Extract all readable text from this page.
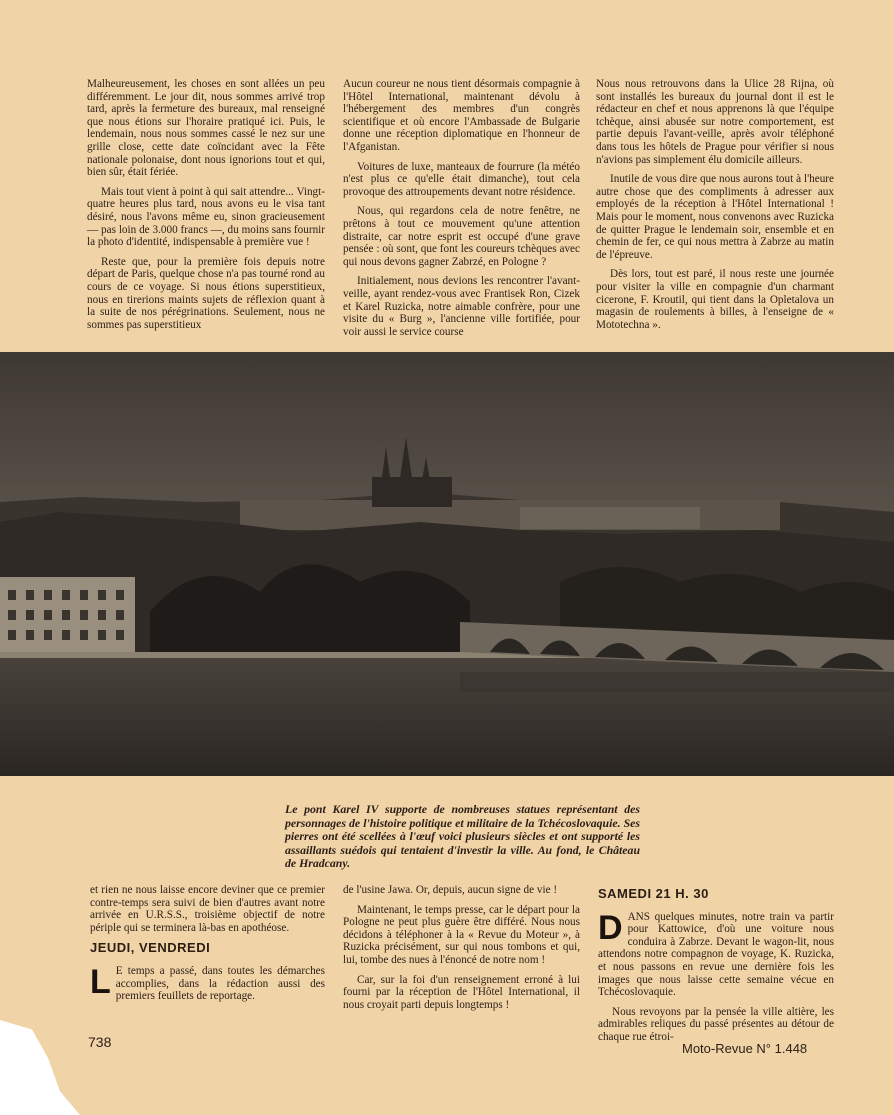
Malheureusement, les choses en sont allées un peu différemment. Le jour dit, nous sommes arrivé trop tard, après la fermeture des bureaux, mal renseigné que nous étions sur l'horaire pratiqué ici. Puis, le lendemain, nous nous sommes cassé le nez sur une grille close, cette date coïncidant avec la Fête nationale polonaise, dont nous ignorions tout et qui, bien sûr, était fériée.

Mais tout vient à point à qui sait attendre... Vingt-quatre heures plus tard, nous avons eu le visa tant désiré, nous l'avons même eu, sinon gracieusement — pas loin de 3.000 francs —, du moins sans fournir la photo d'identité, indispensable à première vue !

Reste que, pour la première fois depuis notre départ de Paris, quelque chose n'a pas tourné rond au cours de ce voyage. Si nous étions superstitieux, nous en tirerions maints sujets de réflexion quant à la suite de nos pérégrinations. Seulement, nous ne sommes pas superstitieux

Aucun coureur ne nous tient désormais compagnie à l'Hôtel International, maintenant dévolu à l'hébergement des membres d'un congrès scientifique et où encore l'Ambassade de Bulgarie donne une réception diplomatique en l'honneur de l'Afganistan.

Voitures de luxe, manteaux de fourrure (la météo n'est plus ce qu'elle était dimanche), tout cela provoque des attroupements devant notre résidence.

Nous, qui regardons cela de notre fenêtre, ne prêtons à tout ce mouvement qu'une attention distraite, car notre esprit est occupé d'une grave pensée : où sont, que font les coureurs tchèques avec qui nous devons gagner Zabrzé, en Pologne ?

Initialement, nous devions les rencontrer l'avant-veille, ayant rendez-vous avec Frantisek Ron, Cizek et Karel Ruzicka, notre aimable confrère, pour une visite du « Burg », l'ancienne ville fortifiée, pour voir aussi le service course

Nous nous retrouvons dans la Ulice 28 Rijna, où sont installés les bureaux du journal dont il est le rédacteur en chef et nous apprenons là que l'équipe tchèque, ainsi abusée sur notre comportement, est partie depuis l'avant-veille, après avoir téléphoné dans tous les hôtels de Prague pour vérifier si nous n'avions pas simplement élu domicile ailleurs.

Inutile de vous dire que nous aurons tout à l'heure autre chose que des compliments à adresser aux employés de la réception à l'Hôtel International ! Mais pour le moment, nous convenons avec Ruzicka de quitter Prague le lendemain soir, ensemble et en chemin de fer, ce qui nous mettra à Zabrze au matin de l'épreuve.

Dès lors, tout est paré, il nous reste une journée pour visiter la ville en compagnie d'un charmant cicerone, F. Kroutil, qui tient dans la Opletalova un magasin de roulements à billes, à l'enseigne de « Mototechna ».

Le pont Karel IV supporte de nombreuses statues représentant des personnages de l'histoire politique et militaire de la Tchécoslovaquie. Ses pierres ont été scellées à l'œuf voici plusieurs siècles et ont supporté les assaillants suédois qui tentaient d'investir la ville. Au fond, le Château de Hradcany.

et rien ne nous laisse encore deviner que ce premier contre-temps sera suivi de bien d'autres avant notre arrivée en U.R.S.S., troisième objectif de notre périple qui se terminera là-bas en apothéose.

JEUDI, VENDREDI

L E temps a passé, dans toutes les démarches accomplies, dans la rédaction aussi des premiers feuillets de reportage.

de l'usine Jawa. Or, depuis, aucun signe de vie !

Maintenant, le temps presse, car le départ pour la Pologne ne peut plus guère être différé. Nous nous décidons à téléphoner à la « Revue du Moteur », à Ruzicka précisément, sur qui nous tombons et qui, lui, tombe des nues à l'énoncé de notre nom !

Car, sur la foi d'un renseignement erroné à lui fourni par la réception de l'Hôtel International, il nous croyait parti depuis longtemps !

SAMEDI 21 H. 30

DANS quelques minutes, notre train va partir pour Kattowice, d'où une voiture nous conduira à Zabrze. Devant le wagon-lit, nous attendons notre compagnon de voyage, K. Ruzicka, et nous passons en revue une dernière fois les images que nous laisse cette semaine vécue en Tchécoslovaquie.

Nous revoyons par la pensée la ville altière, les admirables reliques du passé présentes au détour de chaque rue étroi-

738	Moto-Revue N° 1.448
